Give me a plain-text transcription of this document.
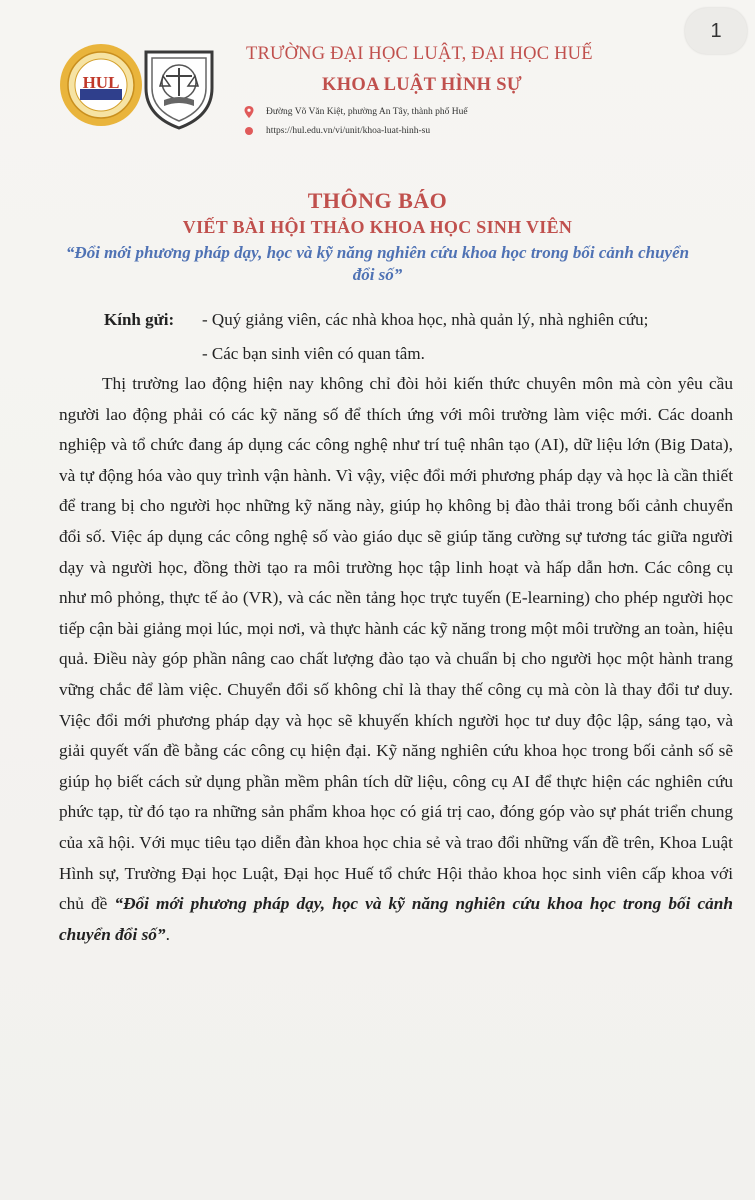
1
HUL

TRƯỜNG ĐẠI HỌC LUẬT, ĐẠI HỌC HUẾ

KHOA LUẬT HÌNH SỰ

Đường Võ Văn Kiệt, phường An Tây, thành phố Huế
https://hul.edu.vn/vi/unit/khoa-luat-hinh-su
THÔNG BÁO
VIẾT BÀI HỘI THẢO KHOA HỌC SINH VIÊN
“Đổi mới phương pháp dạy, học và kỹ năng nghiên cứu khoa học trong bối cảnh chuyển đổi số”
Kính gửi: - Quý giảng viên, các nhà khoa học, nhà quản lý, nhà nghiên cứu;
- Các bạn sinh viên có quan tâm.

Thị trường lao động hiện nay không chỉ đòi hỏi kiến thức chuyên môn mà còn yêu cầu người lao động phải có các kỹ năng số để thích ứng với môi trường làm việc mới. Các doanh nghiệp và tổ chức đang áp dụng các công nghệ như trí tuệ nhân tạo (AI), dữ liệu lớn (Big Data), và tự động hóa vào quy trình vận hành. Vì vậy, việc đổi mới phương pháp dạy và học là cần thiết để trang bị cho người học những kỹ năng này, giúp họ không bị đào thải trong bối cảnh chuyển đổi số. Việc áp dụng các công nghệ số vào giáo dục sẽ giúp tăng cường sự tương tác giữa người dạy và người học, đồng thời tạo ra môi trường học tập linh hoạt và hấp dẫn hơn. Các công cụ như mô phỏng, thực tế ảo (VR), và các nền tảng học trực tuyến (E-learning) cho phép người học tiếp cận bài giảng mọi lúc, mọi nơi, và thực hành các kỹ năng trong một môi trường an toàn, hiệu quả. Điều này góp phần nâng cao chất lượng đào tạo và chuẩn bị cho người học một hành trang vững chắc để làm việc. Chuyển đổi số không chỉ là thay thế công cụ mà còn là thay đổi tư duy. Việc đổi mới phương pháp dạy và học sẽ khuyến khích người học tư duy độc lập, sáng tạo, và giải quyết vấn đề bằng các công cụ hiện đại. Kỹ năng nghiên cứu khoa học trong bối cảnh số sẽ giúp họ biết cách sử dụng phần mềm phân tích dữ liệu, công cụ AI để thực hiện các nghiên cứu phức tạp, từ đó tạo ra những sản phẩm khoa học có giá trị cao, đóng góp vào sự phát triển chung của xã hội. Với mục tiêu tạo diễn đàn khoa học chia sẻ và trao đổi những vấn đề trên, Khoa Luật Hình sự, Trường Đại học Luật, Đại học Huế tổ chức Hội thảo khoa học sinh viên cấp khoa với chủ đề “Đổi mới phương pháp dạy, học và kỹ năng nghiên cứu khoa học trong bối cảnh chuyển đổi số”.
